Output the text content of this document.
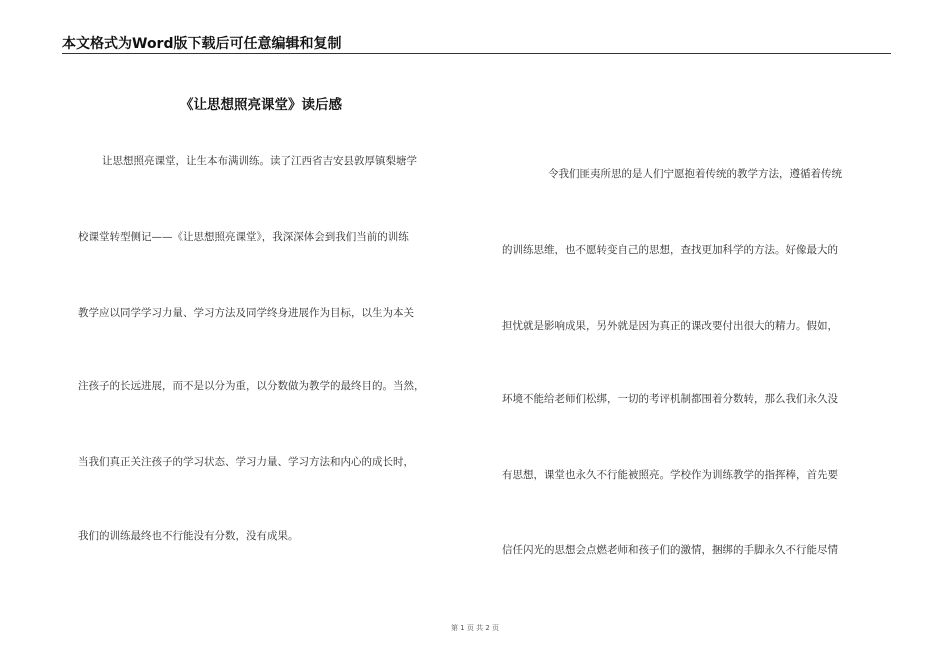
本文格式为Word版下载后可任意编辑和复制
《让思想照亮课堂》读后感
让思想照亮课堂，让生本布满训练。读了江西省吉安县敦厚镇梨塘学
校课堂转型侧记——《让思想照亮课堂》，我深深体会到我们当前的训练
教学应以同学学习力量、学习方法及同学终身进展作为目标，以生为本关
注孩子的长远进展，而不是以分为重，以分数做为教学的最终目的。当然，
当我们真正关注孩子的学习状态、学习力量、学习方法和内心的成长时，
我们的训练最终也不行能没有分数，没有成果。
令我们匪夷所思的是人们宁愿抱着传统的教学方法，遵循着传统
的训练思维，也不愿转变自己的思想，查找更加科学的方法。好像最大的
担忧就是影响成果，另外就是因为真正的课改要付出很大的精力。假如，
环境不能给老师们松绑，一切的考评机制都围着分数转，那么我们永久没
有思想，课堂也永久不行能被照亮。学校作为训练教学的指挥棒，首先要
信任闪光的思想会点燃老师和孩子们的激情，捆绑的手脚永久不行能尽情
第 1 页 共 2 页
